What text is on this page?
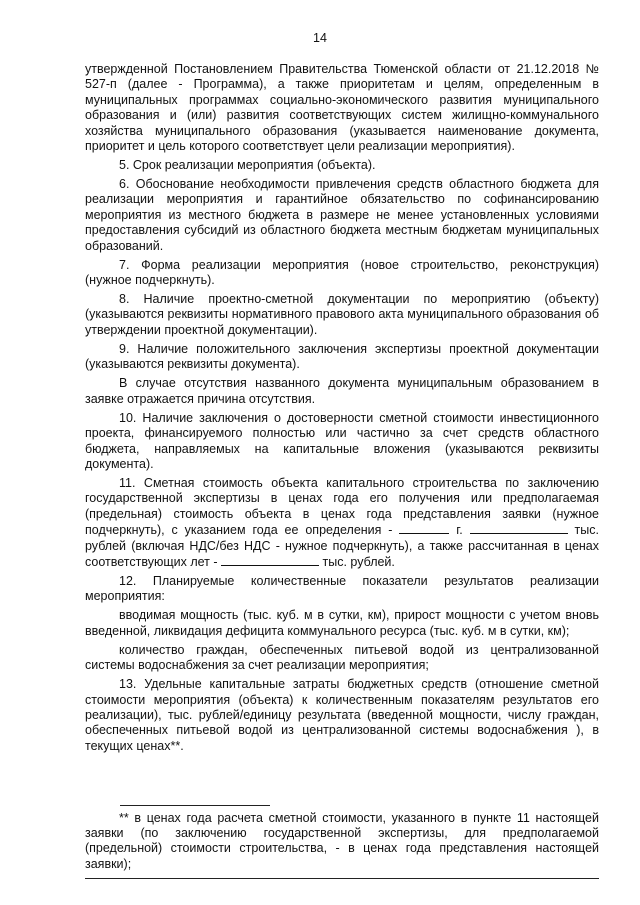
14

утвержденной Постановлением Правительства Тюменской области от 21.12.2018 № 527-п (далее - Программа), а также приоритетам и целям, определенным в муниципальных программах социально-экономического развития муниципального образования и (или) развития соответствующих систем жилищно-коммунального хозяйства муниципального образования (указывается наименование документа, приоритет и цель которого соответствует цели реализации мероприятия).

5. Срок реализации мероприятия (объекта).

6. Обоснование необходимости привлечения средств областного бюджета для реализации мероприятия и гарантийное обязательство по софинансированию мероприятия из местного бюджета в размере не менее установленных условиями предоставления субсидий из областного бюджета местным бюджетам муниципальных образований.

7. Форма реализации мероприятия (новое строительство, реконструкция) (нужное подчеркнуть).

8. Наличие проектно-сметной документации по мероприятию (объекту) (указываются реквизиты нормативного правового акта муниципального образования об утверждении проектной документации).

9. Наличие положительного заключения экспертизы проектной документации (указываются реквизиты документа).

В случае отсутствия названного документа муниципальным образованием в заявке отражается причина отсутствия.

10. Наличие заключения о достоверности сметной стоимости инвестиционного проекта, финансируемого полностью или частично за счет средств областного бюджета, направляемых на капитальные вложения (указываются реквизиты документа).

11. Сметная стоимость объекта капитального строительства по заключению государственной экспертизы в ценах года его получения или предполагаемая (предельная) стоимость объекта в ценах года представления заявки (нужное подчеркнуть), с указанием года ее определения -	г.	тыс. рублей (включая НДС/без НДС - нужное подчеркнуть), а также рассчитанная в ценах соответствующих лет -	тыс. рублей.

12. Планируемые количественные показатели результатов реализации мероприятия:

вводимая мощность (тыс. куб. м в сутки, км), прирост мощности с учетом вновь введенной, ликвидация дефицита коммунального ресурса (тыс. куб. м в сутки, км);

количество граждан, обеспеченных питьевой водой из централизованной системы водоснабжения за счет реализации мероприятия;

13. Удельные капитальные затраты бюджетных средств (отношение сметной стоимости мероприятия (объекта) к количественным показателям результатов его реализации), тыс. рублей/единицу результата (введенной мощности, числу граждан, обеспеченных питьевой водой из централизованной системы водоснабжения ), в текущих ценах**.

** в ценах года расчета сметной стоимости, указанного в пункте 11 настоящей заявки (по заключению государственной экспертизы, для предполагаемой (предельной) стоимости строительства, - в ценах года представления настоящей заявки);
